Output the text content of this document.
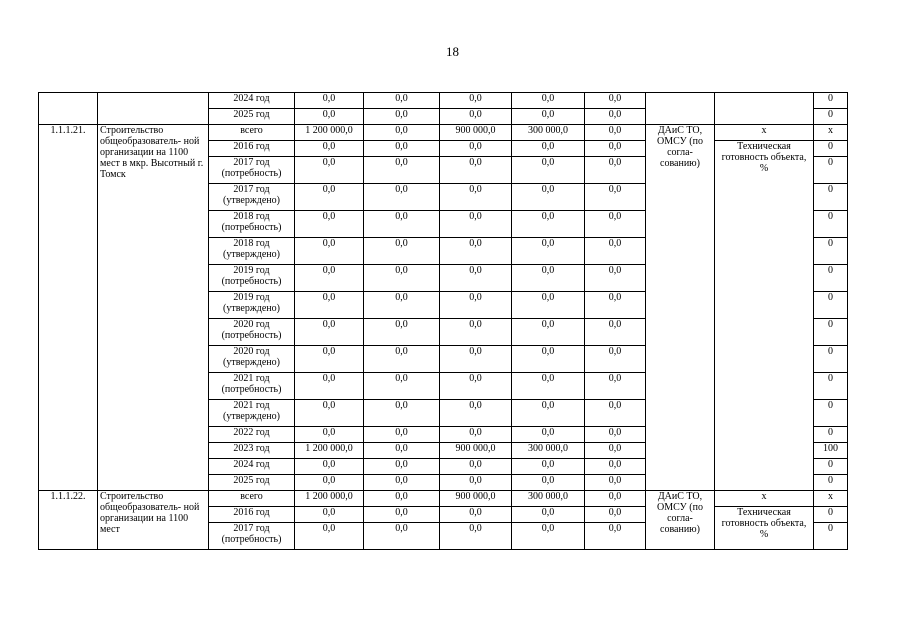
18
		2024 год	0,0	0,0	0,0	0,0	0,0			0
		2025 год	0,0	0,0	0,0	0,0	0,0			0
1.1.1.21.	Строительство общеобразователь- ной организации на 1100 мест в мкр. Высотный г. Томск	всего	1 200 000,0	0,0	900 000,0	300 000,0	0,0	ДАиС ТО, ОМСУ (по согла- сованию)	х	х
		2016 год	0,0	0,0	0,0	0,0	0,0		Техническая готовность объекта, %	0
		2017 год (потребность)	0,0	0,0	0,0	0,0	0,0			0
		2017 год (утверждено)	0,0	0,0	0,0	0,0	0,0			0
		2018 год (потребность)	0,0	0,0	0,0	0,0	0,0			0
		2018 год (утверждено)	0,0	0,0	0,0	0,0	0,0			0
		2019 год (потребность)	0,0	0,0	0,0	0,0	0,0			0
		2019 год (утверждено)	0,0	0,0	0,0	0,0	0,0			0
		2020 год (потребность)	0,0	0,0	0,0	0,0	0,0			0
		2020 год (утверждено)	0,0	0,0	0,0	0,0	0,0			0
		2021 год (потребность)	0,0	0,0	0,0	0,0	0,0			0
		2021 год (утверждено)	0,0	0,0	0,0	0,0	0,0			0
		2022 год	0,0	0,0	0,0	0,0	0,0			0
		2023 год	1 200 000,0	0,0	900 000,0	300 000,0	0,0			100
		2024 год	0,0	0,0	0,0	0,0	0,0			0
		2025 год	0,0	0,0	0,0	0,0	0,0			0
1.1.1.22.	Строительство общеобразователь- ной организации на 1100 мест	всего	1 200 000,0	0,0	900 000,0	300 000,0	0,0	ДАиС ТО, ОМСУ (по согла- сованию)	х	х
		2016 год	0,0	0,0	0,0	0,0	0,0		Техническая готовность объекта, %	0
		2017 год (потребность)	0,0	0,0	0,0	0,0	0,0			0
